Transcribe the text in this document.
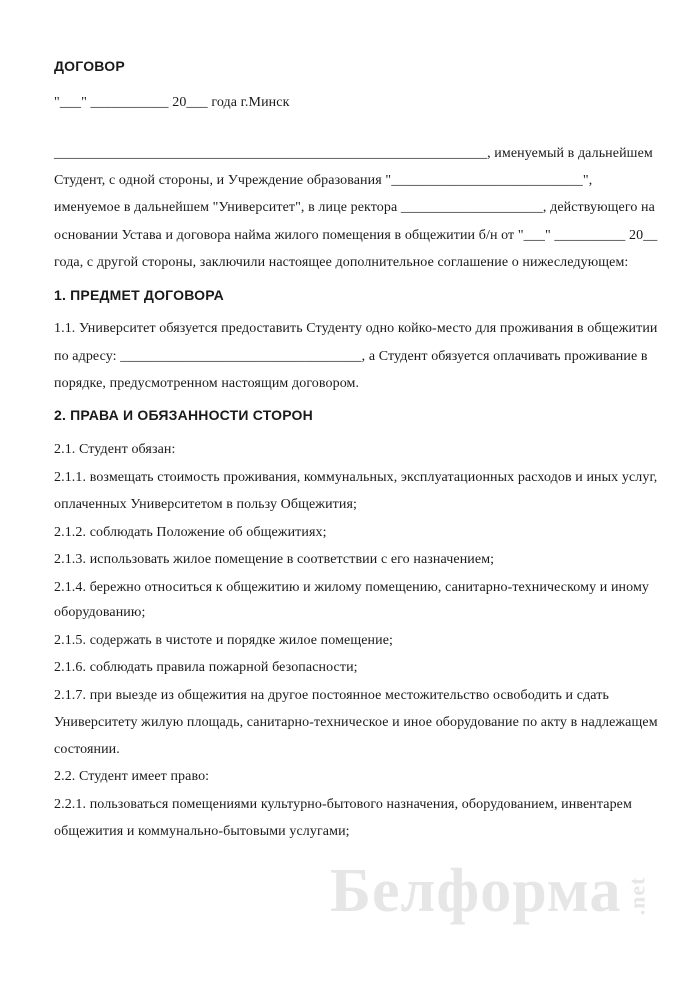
ДОГОВОР
"___" ___________ 20___ года г.Минск
_____________________________________________________________, именуемый в дальнейшем
Студент, с одной стороны, и Учреждение образования "___________________________",
именуемое в дальнейшем "Университет", в лице ректора ____________________, действующего на
основании Устава и договора найма жилого помещения в общежитии б/н от "___" __________ 20__
года, с другой стороны, заключили настоящее дополнительное соглашение о нижеследующем:
1. ПРЕДМЕТ ДОГОВОРА
1.1. Университет обязуется предоставить Студенту одно койко-место для проживания в общежитии
по адресу: __________________________________, а Студент обязуется оплачивать проживание в
порядке, предусмотренном настоящим договором.
2. ПРАВА И ОБЯЗАННОСТИ СТОРОН
2.1. Студент обязан:
2.1.1. возмещать стоимость проживания, коммунальных, эксплуатационных расходов и иных услуг,
оплаченных Университетом в пользу Общежития;
2.1.2. соблюдать Положение об общежитиях;
2.1.3. использовать жилое помещение в соответствии с его назначением;
2.1.4. бережно относиться к общежитию и жилому помещению, санитарно-техническому и иному
оборудованию;
2.1.5. содержать в чистоте и порядке жилое помещение;
2.1.6. соблюдать правила пожарной безопасности;
2.1.7. при выезде из общежития на другое постоянное местожительство освободить и сдать
Университету жилую площадь, санитарно-техническое и иное оборудование по акту в надлежащем
состоянии.
2.2. Студент имеет право:
2.2.1. пользоваться помещениями культурно-бытового назначения, оборудованием, инвентарем
общежития и коммунально-бытовыми услугами;
Белформа .net
